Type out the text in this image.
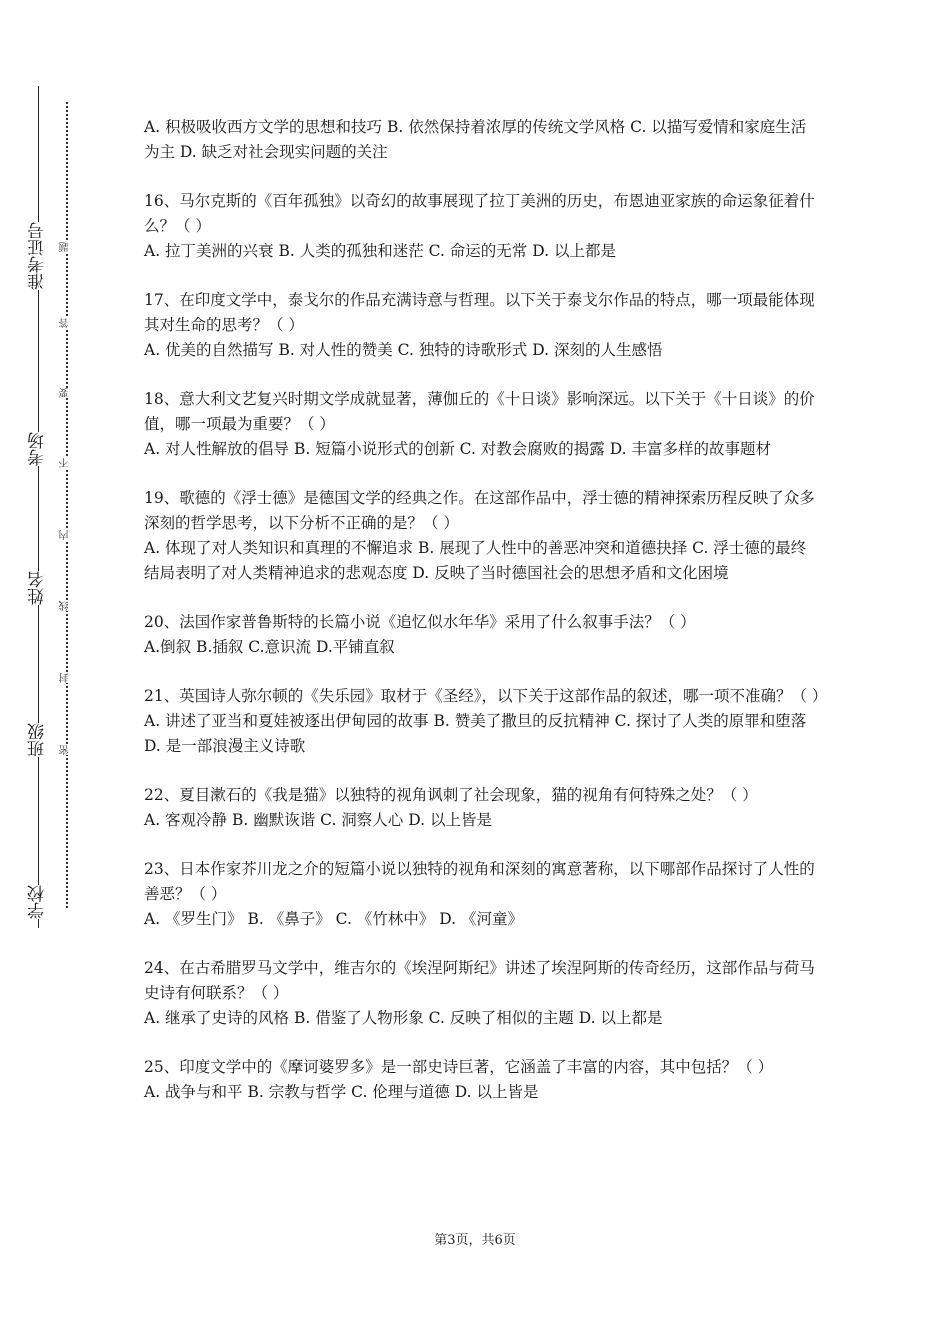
准考证号
考场
姓名
班级
学校
题
答
要
不
内
线
封
密
A. 积极吸收西方文学的思想和技巧 B. 依然保持着浓厚的传统文学风格 C. 以描写爱情和家庭生活为主 D. 缺乏对社会现实问题的关注
16、马尔克斯的《百年孤独》以奇幻的故事展现了拉丁美洲的历史，布恩迪亚家族的命运象征着什么？（ ）
A. 拉丁美洲的兴衰 B. 人类的孤独和迷茫 C. 命运的无常 D. 以上都是
17、在印度文学中，泰戈尔的作品充满诗意与哲理。以下关于泰戈尔作品的特点，哪一项最能体现其对生命的思考？（ ）
A. 优美的自然描写 B. 对人性的赞美 C. 独特的诗歌形式 D. 深刻的人生感悟
18、意大利文艺复兴时期文学成就显著，薄伽丘的《十日谈》影响深远。以下关于《十日谈》的价值，哪一项最为重要？（ ）
A. 对人性解放的倡导 B. 短篇小说形式的创新 C. 对教会腐败的揭露 D. 丰富多样的故事题材
19、歌德的《浮士德》是德国文学的经典之作。在这部作品中，浮士德的精神探索历程反映了众多深刻的哲学思考，以下分析不正确的是？（ ）
A. 体现了对人类知识和真理的不懈追求 B. 展现了人性中的善恶冲突和道德抉择 C. 浮士德的最终结局表明了对人类精神追求的悲观态度 D. 反映了当时德国社会的思想矛盾和文化困境
20、法国作家普鲁斯特的长篇小说《追忆似水年华》采用了什么叙事手法？（ ）
A.倒叙 B.插叙 C.意识流 D.平铺直叙
21、英国诗人弥尔顿的《失乐园》取材于《圣经》，以下关于这部作品的叙述，哪一项不准确？（ ）
A. 讲述了亚当和夏娃被逐出伊甸园的故事 B. 赞美了撒旦的反抗精神 C. 探讨了人类的原罪和堕落 D. 是一部浪漫主义诗歌
22、夏目漱石的《我是猫》以独特的视角讽刺了社会现象，猫的视角有何特殊之处？（ ）
A. 客观冷静 B. 幽默诙谐 C. 洞察人心 D. 以上皆是
23、日本作家芥川龙之介的短篇小说以独特的视角和深刻的寓意著称，以下哪部作品探讨了人性的善恶？（ ）
A. 《罗生门》 B. 《鼻子》 C. 《竹林中》 D. 《河童》
24、在古希腊罗马文学中，维吉尔的《埃涅阿斯纪》讲述了埃涅阿斯的传奇经历，这部作品与荷马史诗有何联系？（ ）
A. 继承了史诗的风格 B. 借鉴了人物形象 C. 反映了相似的主题 D. 以上都是
25、印度文学中的《摩诃婆罗多》是一部史诗巨著，它涵盖了丰富的内容，其中包括？（ ）
A. 战争与和平 B. 宗教与哲学 C. 伦理与道德 D. 以上皆是
第3页，共6页
